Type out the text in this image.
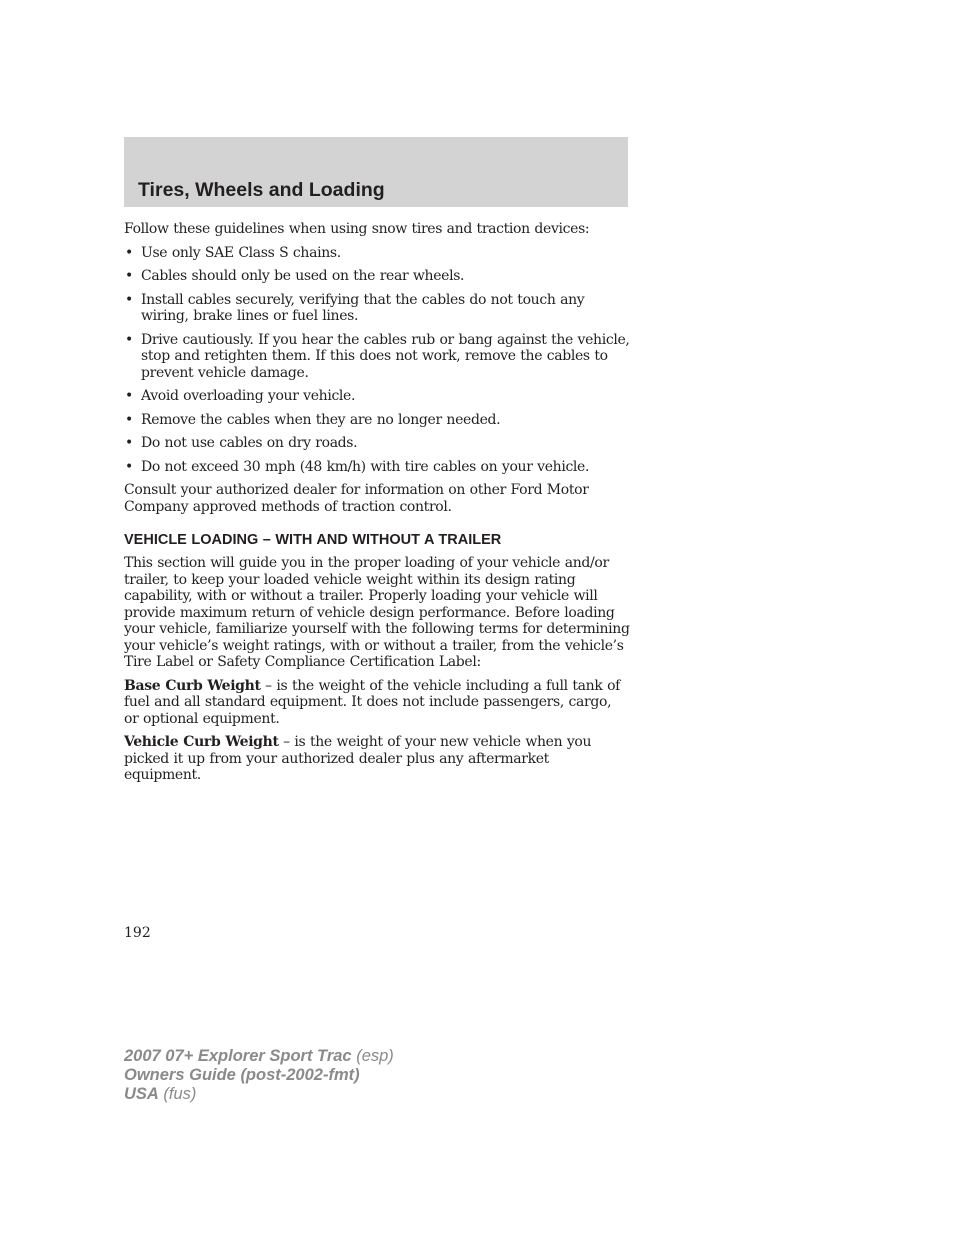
Tires, Wheels and Loading

Follow these guidelines when using snow tires and traction devices:

• Use only SAE Class S chains.
• Cables should only be used on the rear wheels.
• Install cables securely, verifying that the cables do not touch any wiring, brake lines or fuel lines.
• Drive cautiously. If you hear the cables rub or bang against the vehicle, stop and retighten them. If this does not work, remove the cables to prevent vehicle damage.
• Avoid overloading your vehicle.
• Remove the cables when they are no longer needed.
• Do not use cables on dry roads.
• Do not exceed 30 mph (48 km/h) with tire cables on your vehicle.

Consult your authorized dealer for information on other Ford Motor Company approved methods of traction control.

VEHICLE LOADING – WITH AND WITHOUT A TRAILER

This section will guide you in the proper loading of your vehicle and/or trailer, to keep your loaded vehicle weight within its design rating capability, with or without a trailer. Properly loading your vehicle will provide maximum return of vehicle design performance. Before loading your vehicle, familiarize yourself with the following terms for determining your vehicle’s weight ratings, with or without a trailer, from the vehicle’s Tire Label or Safety Compliance Certification Label:

Base Curb Weight – is the weight of the vehicle including a full tank of fuel and all standard equipment. It does not include passengers, cargo, or optional equipment.

Vehicle Curb Weight – is the weight of your new vehicle when you picked it up from your authorized dealer plus any aftermarket equipment.

192
2007 07+ Explorer Sport Trac (esp)
Owners Guide (post-2002-fmt)
USA (fus)
